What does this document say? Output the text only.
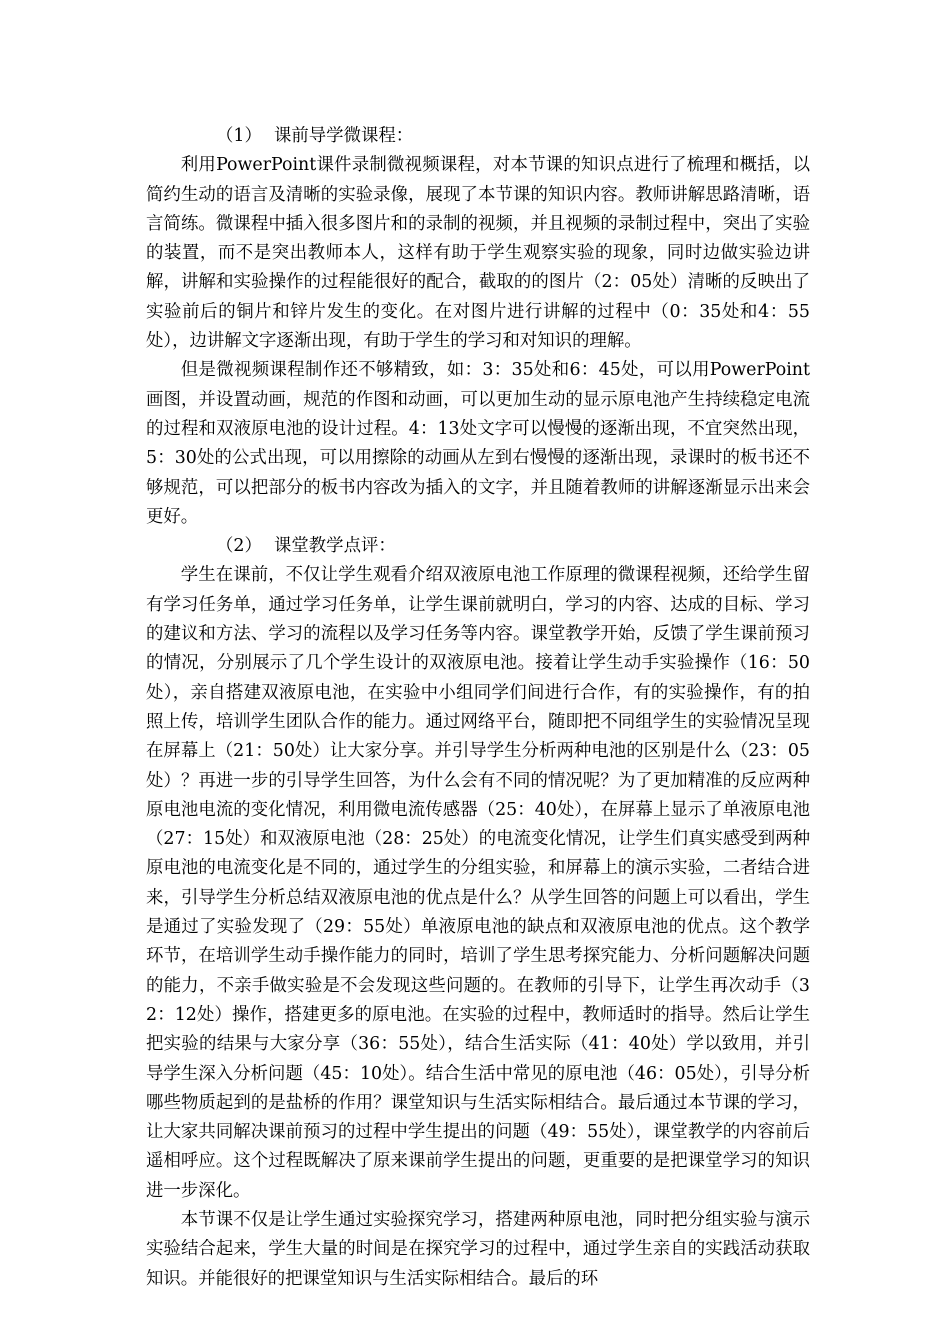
（1） 课前导学微课程：

利用PowerPoint课件录制微视频课程，对本节课的知识点进行了梳理和概括，以简约生动的语言及清晰的实验录像，展现了本节课的知识内容。教师讲解思路清晰，语言简练。微课程中插入很多图片和的录制的视频，并且视频的录制过程中，突出了实验的装置，而不是突出教师本人，这样有助于学生观察实验的现象，同时边做实验边讲解，讲解和实验操作的过程能很好的配合，截取的的图片（2：05处）清晰的反映出了实验前后的铜片和锌片发生的变化。在对图片进行讲解的过程中（0：35处和4：55处），边讲解文字逐渐出现，有助于学生的学习和对知识的理解。

但是微视频课程制作还不够精致，如：3：35处和6：45处，可以用PowerPoint画图，并设置动画，规范的作图和动画，可以更加生动的显示原电池产生持续稳定电流的过程和双液原电池的设计过程。4：13处文字可以慢慢的逐渐出现，不宜突然出现，5：30处的公式出现，可以用擦除的动画从左到右慢慢的逐渐出现，录课时的板书还不够规范，可以把部分的板书内容改为插入的文字，并且随着教师的讲解逐渐显示出来会更好。

（2） 课堂教学点评：

学生在课前，不仅让学生观看介绍双液原电池工作原理的微课程视频，还给学生留有学习任务单，通过学习任务单，让学生课前就明白，学习的内容、达成的目标、学习的建议和方法、学习的流程以及学习任务等内容。课堂教学开始，反馈了学生课前预习的情况，分别展示了几个学生设计的双液原电池。接着让学生动手实验操作（16：50处），亲自搭建双液原电池，在实验中小组同学们间进行合作，有的实验操作，有的拍照上传，培训学生团队合作的能力。通过网络平台，随即把不同组学生的实验情况呈现在屏幕上（21：50处）让大家分享。并引导学生分析两种电池的区别是什么（23：05处）？再进一步的引导学生回答，为什么会有不同的情况呢？为了更加精准的反应两种原电池电流的变化情况，利用微电流传感器（25：40处），在屏幕上显示了单液原电池（27：15处）和双液原电池（28：25处）的电流变化情况，让学生们真实感受到两种原电池的电流变化是不同的，通过学生的分组实验，和屏幕上的演示实验，二者结合进来，引导学生分析总结双液原电池的优点是什么？从学生回答的问题上可以看出，学生是通过了实验发现了（29：55处）单液原电池的缺点和双液原电池的优点。这个教学环节，在培训学生动手操作能力的同时，培训了学生思考探究能力、分析问题解决问题的能力，不亲手做实验是不会发现这些问题的。在教师的引导下，让学生再次动手（32：12处）操作，搭建更多的原电池。在实验的过程中，教师适时的指导。然后让学生把实验的结果与大家分享（36：55处），结合生活实际（41：40处）学以致用，并引导学生深入分析问题（45：10处）。结合生活中常见的原电池（46：05处），引导分析哪些物质起到的是盐桥的作用？课堂知识与生活实际相结合。最后通过本节课的学习，让大家共同解决课前预习的过程中学生提出的问题（49：55处），课堂教学的内容前后遥相呼应。这个过程既解决了原来课前学生提出的问题，更重要的是把课堂学习的知识进一步深化。

本节课不仅是让学生通过实验探究学习，搭建两种原电池，同时把分组实验与演示实验结合起来，学生大量的时间是在探究学习的过程中，通过学生亲自的实践活动获取知识。并能很好的把课堂知识与生活实际相结合。最后的环
